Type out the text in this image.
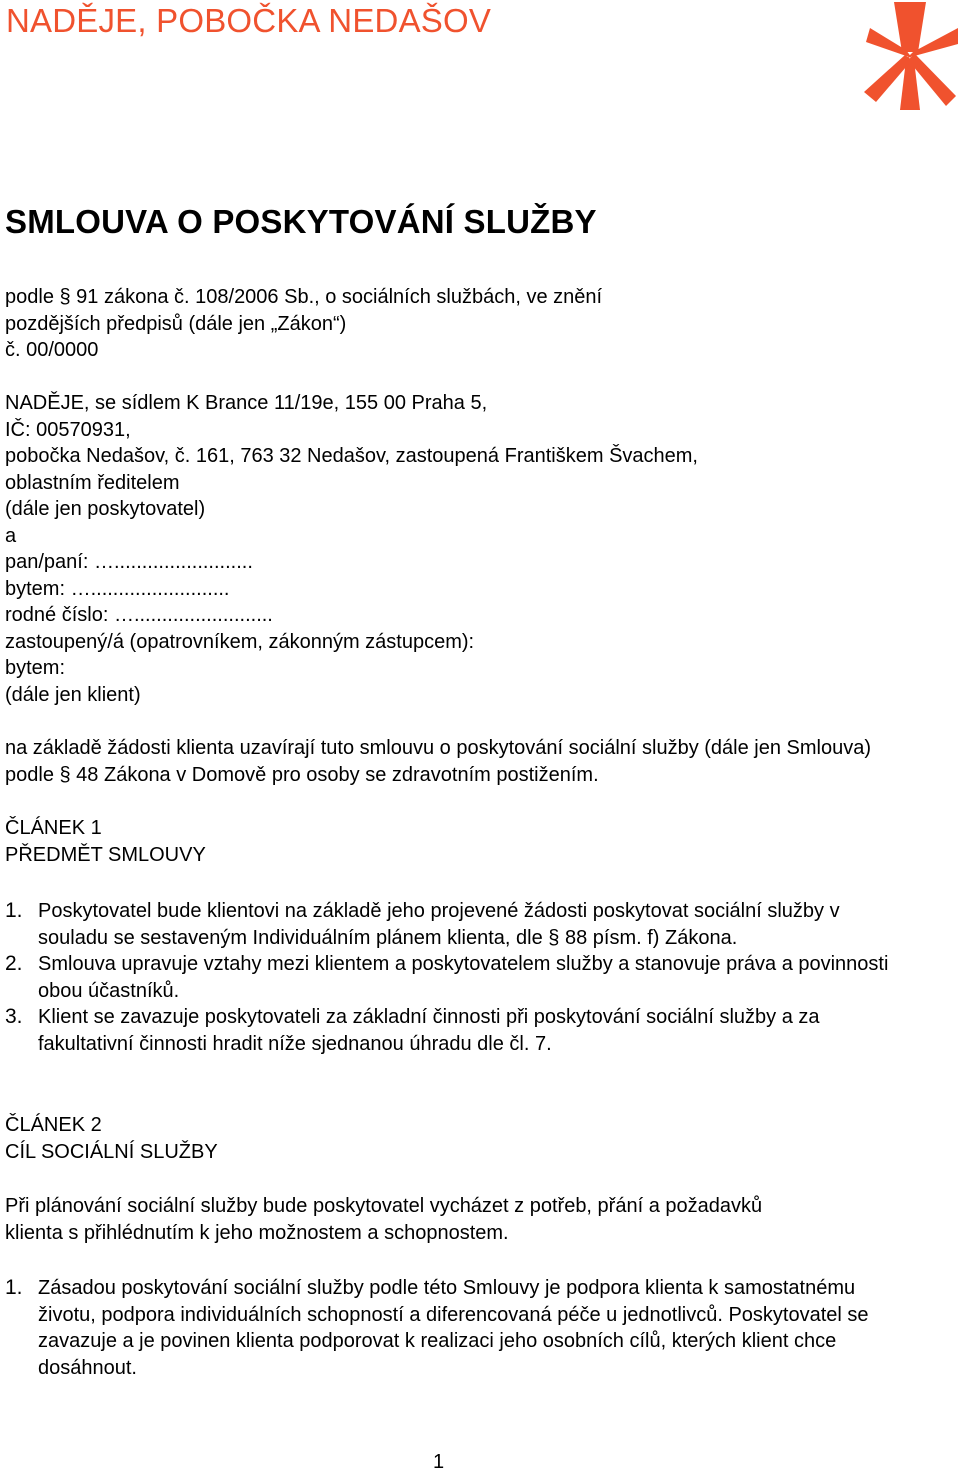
NADĚJE, POBOČKA NEDAŠOV
SMLOUVA O POSKYTOVÁNÍ SLUŽBY
podle § 91 zákona č. 108/2006 Sb., o sociálních službách, ve znění
pozdějších předpisů (dále jen „Zákon“)
č. 00/0000
NADĚJE, se sídlem K Brance 11/19e, 155 00 Praha 5,
IČ: 00570931,
pobočka Nedašov, č. 161, 763 32 Nedašov, zastoupená Františkem Švachem,
oblastním ředitelem
(dále jen poskytovatel)
a
pan/paní: ….........................
bytem: ….........................
rodné číslo: ….........................
zastoupený/á (opatrovníkem, zákonným zástupcem):
bytem:
(dále jen klient)
na základě žádosti klienta uzavírají tuto smlouvu o poskytování sociální služby (dále jen Smlouva) podle § 48 Zákona v Domově pro osoby se zdravotním postižením.
ČLÁNEK 1
PŘEDMĚT SMLOUVY
1. Poskytovatel bude klientovi na základě jeho projevené žádosti poskytovat sociální služby v souladu se sestaveným Individuálním plánem klienta, dle § 88 písm. f) Zákona.
2. Smlouva upravuje vztahy mezi klientem a poskytovatelem služby a stanovuje práva a povinnosti obou účastníků.
3. Klient se zavazuje poskytovateli za základní činnosti při poskytování sociální služby a za fakultativní činnosti hradit níže sjednanou úhradu dle čl. 7.
ČLÁNEK 2
CÍL SOCIÁLNÍ SLUŽBY
Při plánování sociální služby bude poskytovatel vycházet z potřeb, přání a požadavků klienta s přihlédnutím k jeho možnostem a schopnostem.
1. Zásadou poskytování sociální služby podle této Smlouvy je podpora klienta k samostatnému životu, podpora individuálních schopností a diferencovaná péče u jednotlivců. Poskytovatel se zavazuje a je povinen klienta podporovat k realizaci jeho osobních cílů, kterých klient chce dosáhnout.
1
